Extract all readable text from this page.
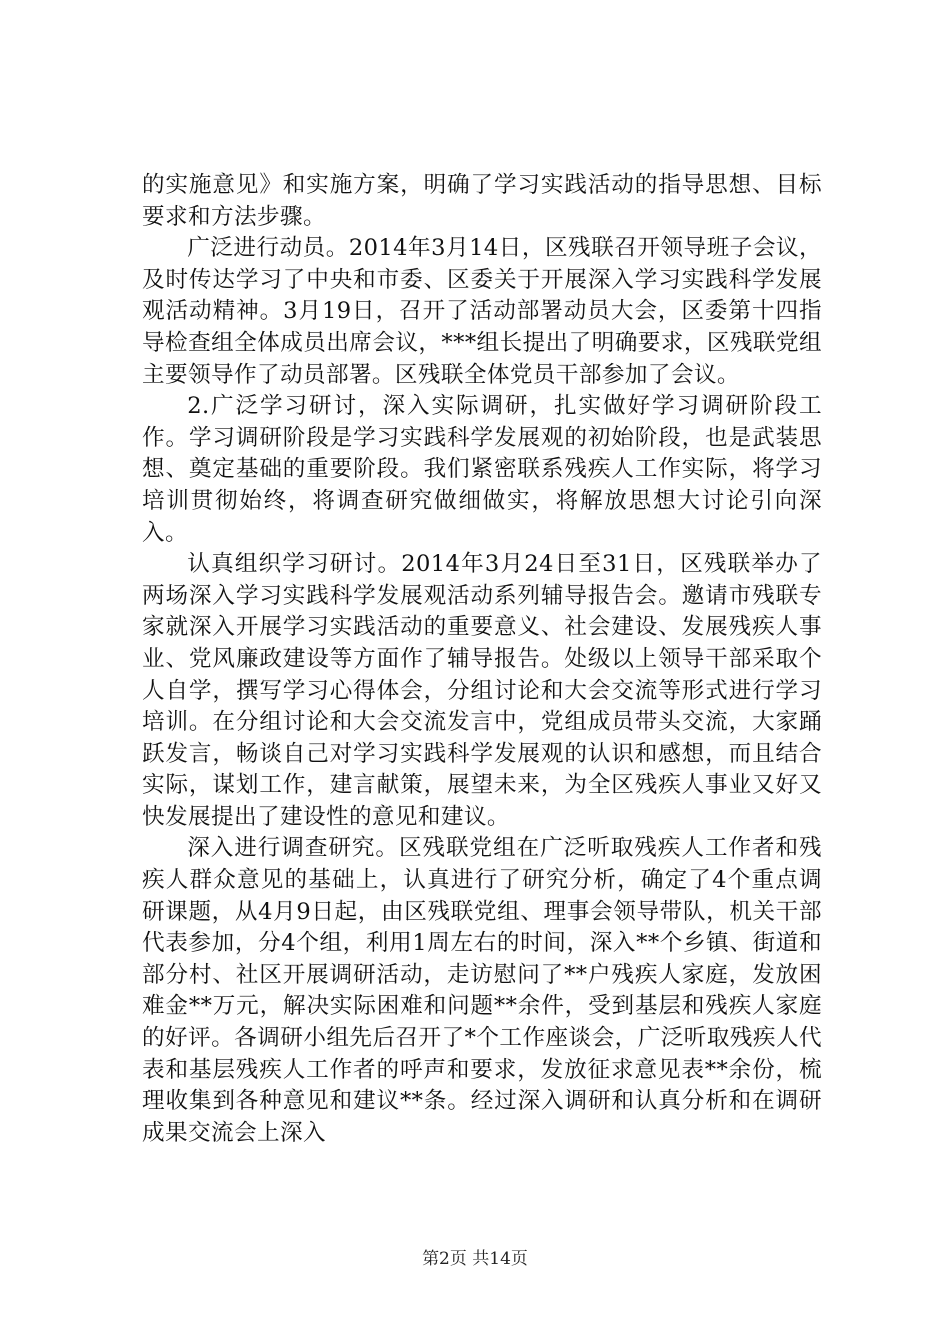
的实施意见》和实施方案，明确了学习实践活动的指导思想、目标要求和方法步骤。

广泛进行动员。2014年3月14日，区残联召开领导班子会议，及时传达学习了中央和市委、区委关于开展深入学习实践科学发展观活动精神。3月19日，召开了活动部署动员大会，区委第十四指导检查组全体成员出席会议，***组长提出了明确要求，区残联党组主要领导作了动员部署。区残联全体党员干部参加了会议。

2.广泛学习研讨，深入实际调研，扎实做好学习调研阶段工作。学习调研阶段是学习实践科学发展观的初始阶段，也是武装思想、奠定基础的重要阶段。我们紧密联系残疾人工作实际，将学习培训贯彻始终，将调查研究做细做实，将解放思想大讨论引向深入。

认真组织学习研讨。2014年3月24日至31日，区残联举办了两场深入学习实践科学发展观活动系列辅导报告会。邀请市残联专家就深入开展学习实践活动的重要意义、社会建设、发展残疾人事业、党风廉政建设等方面作了辅导报告。处级以上领导干部采取个人自学，撰写学习心得体会，分组讨论和大会交流等形式进行学习培训。在分组讨论和大会交流发言中，党组成员带头交流，大家踊跃发言，畅谈自己对学习实践科学发展观的认识和感想，而且结合实际，谋划工作，建言献策，展望未来，为全区残疾人事业又好又快发展提出了建设性的意见和建议。

深入进行调查研究。区残联党组在广泛听取残疾人工作者和残疾人群众意见的基础上，认真进行了研究分析，确定了4个重点调研课题，从4月9日起，由区残联党组、理事会领导带队，机关干部代表参加，分4个组，利用1周左右的时间，深入**个乡镇、街道和部分村、社区开展调研活动，走访慰问了**户残疾人家庭，发放困难金**万元，解决实际困难和问题**余件，受到基层和残疾人家庭的好评。各调研小组先后召开了*个工作座谈会，广泛听取残疾人代表和基层残疾人工作者的呼声和要求，发放征求意见表**余份，梳理收集到各种意见和建议**条。经过深入调研和认真分析和在调研成果交流会上深入

第2页 共14页
